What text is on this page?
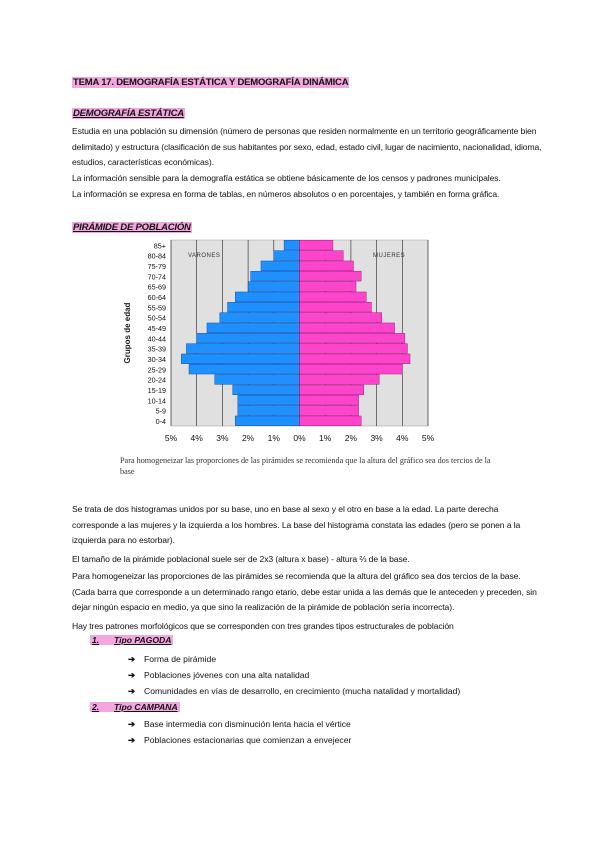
TEMA 17. DEMOGRAFÍA ESTÁTICA Y DEMOGRAFÍA DINÁMICA
DEMOGRAFÍA ESTÁTICA

Estudia en una población su dimensión (número de personas que residen normalmente en un territorio geográficamente bien delimitado) y estructura (clasificación de sus habitantes por sexo, edad, estado civil, lugar de nacimiento, nacionalidad, idioma, estudios, características económicas).

La información sensible para la demografía estática se obtiene básicamente de los censos y padrones municipales.

La información se expresa en forma de tablas, en números absolutos o en porcentajes, y también en forma gráfica.

PIRÁMIDE DE POBLACIÓN
85+
80-84
75-79
70-74
65-69
60-64
55-59
50-54
45-49
40-44
35-39
30-34
25-29
20-24
15-19
10-14
5-9
0-4
5% 4% 3% 2% 1% 0% 1% 2% 3% 4% 5%
VARONES	MUJERES
Grupos de edad
Para homogeneizar las proporciones de las pirámides se recomienda que la altura del gráfico sea dos tercios de la base

Se trata de dos histogramas unidos por su base, uno en base al sexo y el otro en base a la edad. La parte derecha corresponde a las mujeres y la izquierda a los hombres. La base del histograma constata las edades (pero se ponen a la izquierda para no estorbar).

El tamaño de la pirámide poblacional suele ser de 2x3 (altura x base) - altura ⅔ de la base.

Para homogeneizar las proporciones de las pirámides se recomienda que la altura del gráfico sea dos tercios de la base. (Cada barra que corresponde a un determinado rango etario, debe estar unida a las demás que le anteceden y preceden, sin dejar ningún espacio en medio, ya que sino la realización de la pirámide de población sería incorrecta).

Hay tres patrones morfológicos que se corresponden con tres grandes tipos estructurales de población

1. Tipo PAGODA
➔ Forma de pirámide
➔ Poblaciones jóvenes con una alta natalidad
➔ Comunidades en vías de desarrollo, en crecimiento (mucha natalidad y mortalidad)
2. Tipo CAMPANA
➔ Base intermedia con disminución lenta hacia el vértice
➔ Poblaciones estacionarias que comienzan a envejecer
